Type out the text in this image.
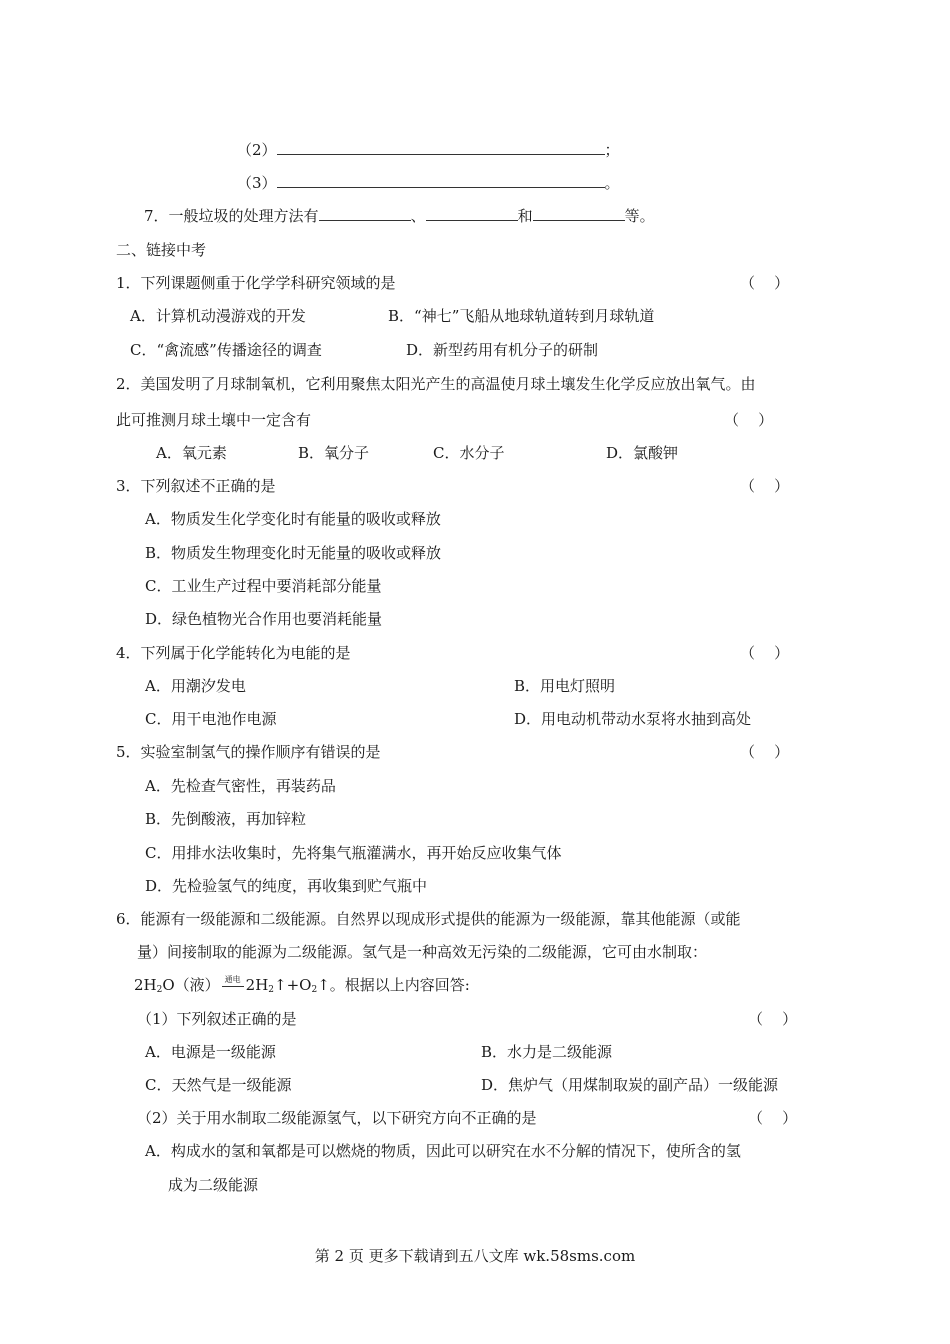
（2）	；
（3）	。
7．一般垃圾的处理方法有	、	和	等。
二、链接中考
1．下列课题侧重于化学学科研究领域的是	（    ）
A．计算机动漫游戏的开发	B．“神七”飞船从地球轨道转到月球轨道
C．“禽流感”传播途径的调查	D．新型药用有机分子的研制
2．美国发明了月球制氧机，它利用聚焦太阳光产生的高温使月球土壤发生化学反应放出氧气。由
此可推测月球土壤中一定含有	（    ）
A．氧元素	B．氧分子	C．水分子	D．氯酸钾
3．下列叙述不正确的是	（    ）
A．物质发生化学变化时有能量的吸收或释放
B．物质发生物理变化时无能量的吸收或释放
C．工业生产过程中要消耗部分能量
D．绿色植物光合作用也要消耗能量
4．下列属于化学能转化为电能的是	（    ）
A．用潮汐发电	B．用电灯照明
C．用干电池作电源	D．用电动机带动水泵将水抽到高处
5．实验室制氢气的操作顺序有错误的是	（    ）
A．先检查气密性，再装药品
B．先倒酸液，再加锌粒
C．用排水法收集时，先将集气瓶灌满水，再开始反应收集气体
D．先检验氢气的纯度，再收集到贮气瓶中
6．能源有一级能源和二级能源。自然界以现成形式提供的能源为一级能源，靠其他能源（或能
量）间接制取的能源为二级能源。氢气是一种高效无污染的二级能源，它可由水制取：
$2H_2O$（液） 通电 $2H_2↑+O_2↑$。根据以上内容回答:
（1）下列叙述正确的是	（    ）
A．电源是一级能源	B．水力是二级能源
C．天然气是一级能源	D．焦炉气（用煤制取炭的副产品）一级能源
（2）关于用水制取二级能源氢气，以下研究方向不正确的是	（    ）
A．构成水的氢和氧都是可以燃烧的物质，因此可以研究在水不分解的情况下，使所含的氢
成为二级能源
第 2 页 更多下载请到五八文库 wk.58sms.com
